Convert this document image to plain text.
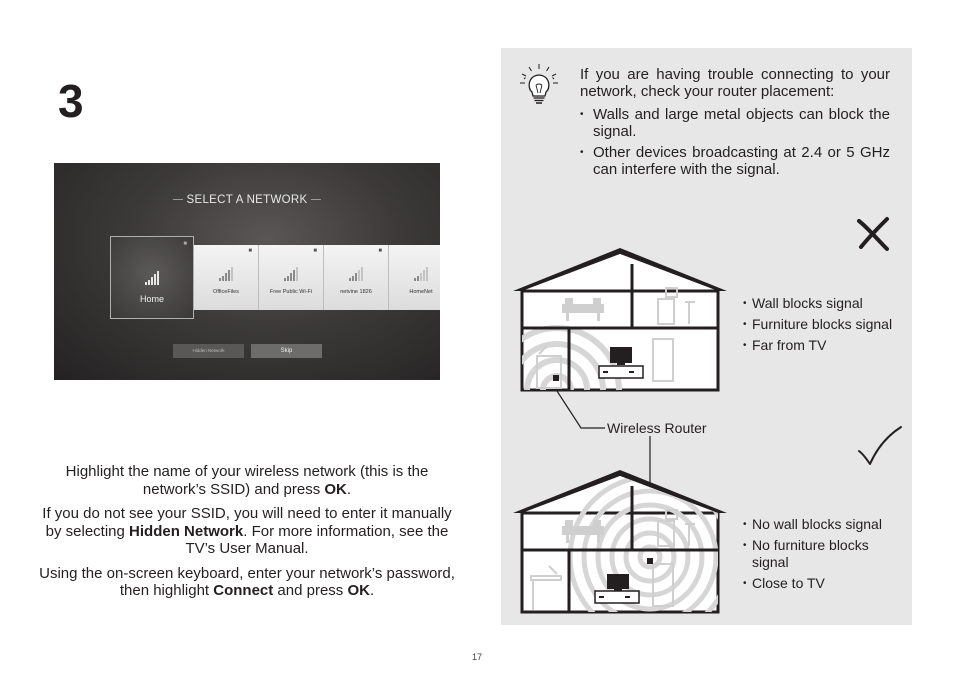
3
SELECT A NETWORK
■
OfficeFiles
■
Free Public Wi-Fi
■
netvine 1826	HomeNet
■
Home
Hidden Network	Skip

Highlight the name of your wireless network (this is the network’s SSID) and press OK.

If you do not see your SSID, you will need to enter it manually by selecting Hidden Network. For more information, see the TV’s User Manual.

Using the on-screen keyboard, enter your network’s password, then highlight Connect and press OK.

If you are having trouble connecting to your network, check your router placement:
• Walls and large metal objects can block the signal.
• Other devices broadcasting at 2.4 or 5 GHz can interfere with the signal.
• Wall blocks signal
• Furniture blocks signal
• Far from TV
Wireless Router
• No wall blocks signal
• No furniture blocks signal
• Close to TV
17
